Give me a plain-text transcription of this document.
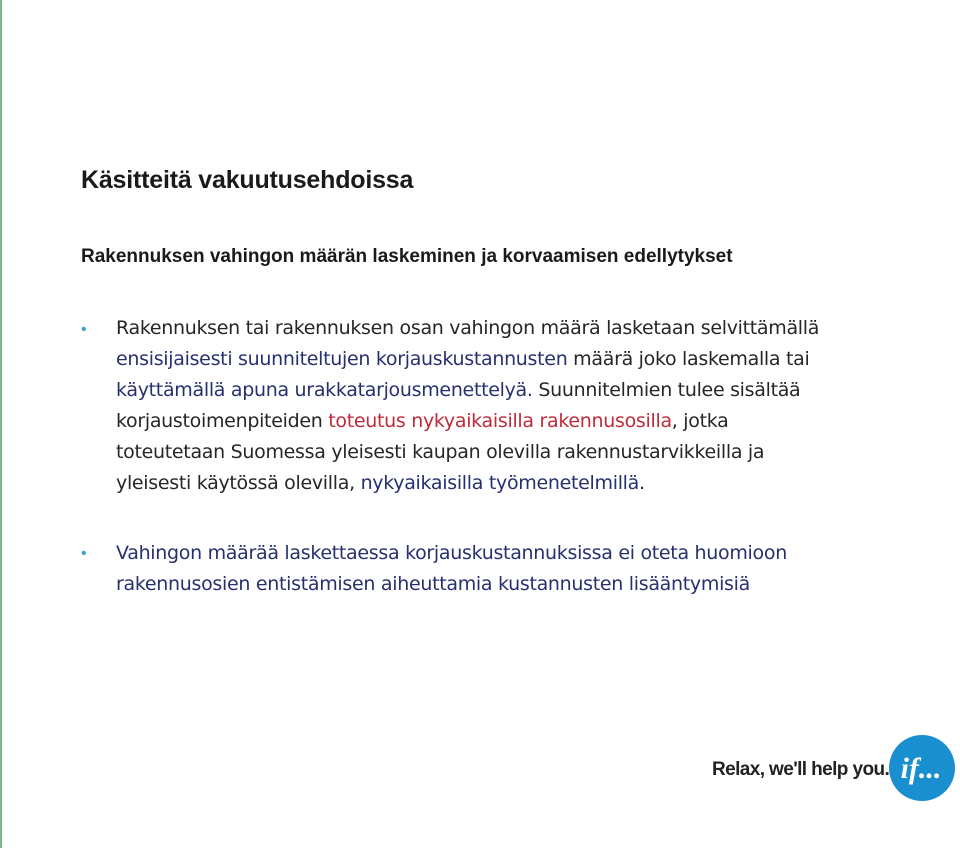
Käsitteitä vakuutusehdoissa
Rakennuksen vahingon määrän laskeminen ja korvaamisen edellytykset
•	Rakennuksen tai rakennuksen osan vahingon määrä lasketaan selvittämällä
ensisijaisesti suunniteltujen korjauskustannusten määrä joko laskemalla tai
käyttämällä apuna urakkatarjousmenettelyä. Suunnitelmien tulee sisältää
korjaustoimenpiteiden toteutus nykyaikaisilla rakennusosilla, jotka
toteutetaan Suomessa yleisesti kaupan olevilla rakennustarvikkeilla ja
yleisesti käytössä olevilla, nykyaikaisilla työmenetelmillä.
•	Vahingon määrää laskettaessa korjauskustannuksissa ei oteta huomioon
rakennusosien entistämisen aiheuttamia kustannusten lisääntymisiä
Relax, we'll help you. if...
